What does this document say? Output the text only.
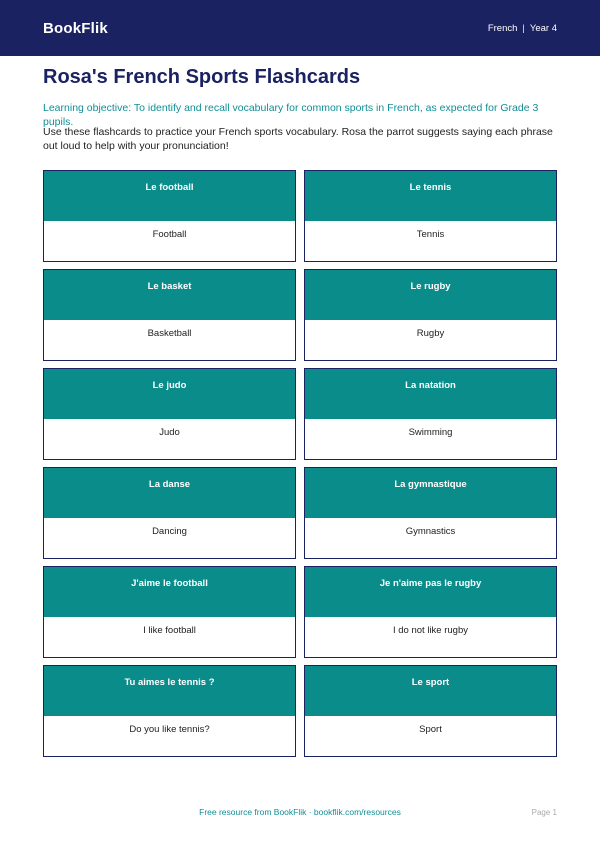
BookFlik	French | Year 4
Rosa's French Sports Flashcards

Learning objective: To identify and recall vocabulary for common sports in French, as expected for Grade 3 pupils.

Use these flashcards to practice your French sports vocabulary. Rosa the parrot suggests saying each phrase out loud to help with your pronunciation!

Le football
Football
Le tennis
Tennis
Le basket
Basketball
Le rugby
Rugby
Le judo
Judo
La natation
Swimming
La danse
Dancing
La gymnastique
Gymnastics
J'aime le football
I like football
Je n'aime pas le rugby
I do not like rugby
Tu aimes le tennis ?
Do you like tennis?
Le sport
Sport
Free resource from BookFlik · bookflik.com/resources	Page 1
